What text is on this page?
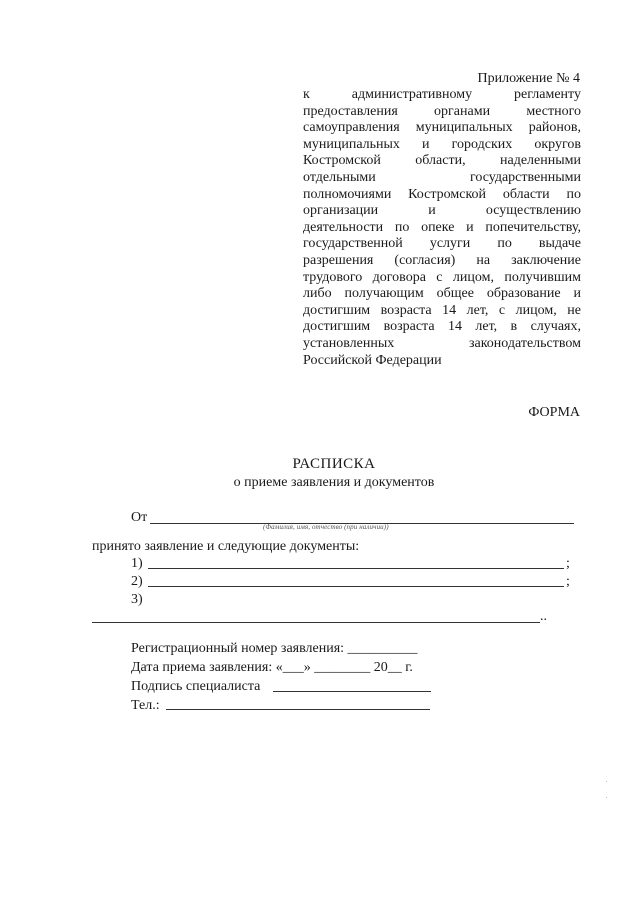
Приложение № 4
к	административному	регламенту
предоставления	органами	местного
самоуправления муниципальных районов,
муниципальных и городских округов
Костромской области, наделенными
отдельными	государственными
полномочиями Костромской области по
организации	и	осуществлению
деятельности по опеке и попечительству,
государственной услуги по выдаче
разрешения (согласия) на заключение
трудового договора с лицом, получившим
либо получающим общее образование и
достигшим возраста 14 лет, с лицом, не
достигшим возраста 14 лет, в случаях,
установленных	законодательством
Российской Федерации
ФОРМА
РАСПИСКА
о приеме заявления и документов
От
(Фамилия, имя, отчество (при наличии))
принято заявление и следующие документы:
1)	;
2)	;
3)
..
Регистрационный номер заявления: __________
Дата приема заявления: «___» ________ 20__ г.
Подпись специалиста
Тел.:
